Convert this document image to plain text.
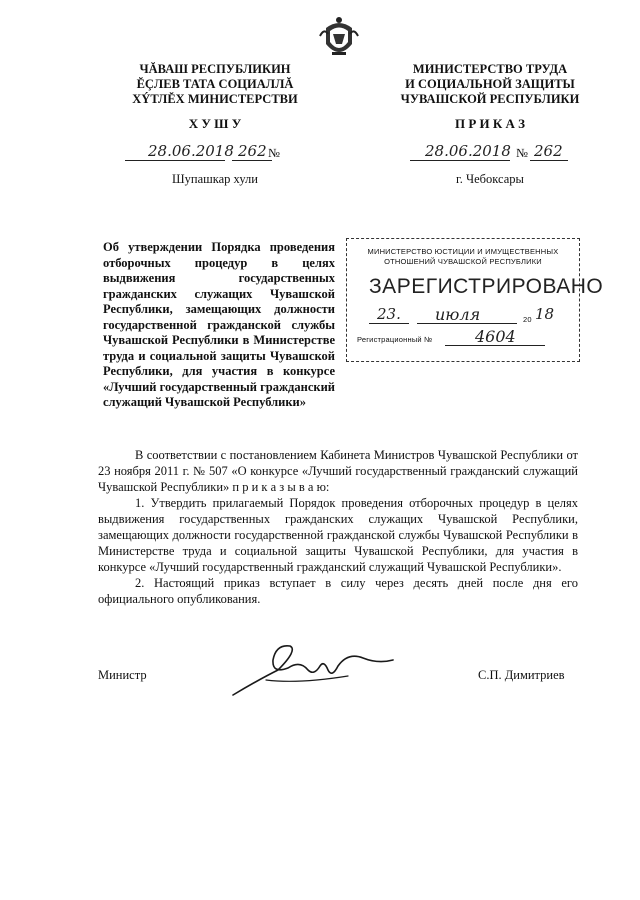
ЧĂВАШ РЕСПУБЛИКИН
ĔÇЛЕВ ТАТА СОЦИАЛЛĂ
ХÝТЛĔХ МИНИСТЕРСТВИ
Х У Ш У
28.06.2018 262 №
Шупашкар хули
МИНИСТЕРСТВО ТРУДА
И СОЦИАЛЬНОЙ ЗАЩИТЫ
ЧУВАШСКОЙ РЕСПУБЛИКИ
П Р И К А З
28.06.2018 № 262
г. Чебоксары

Об утверждении Порядка проведения отборочных процедур в целях выдвижения государственных гражданских служащих Чувашской Республики, замещающих должности государственной гражданской службы Чувашской Республики в Министерстве труда и социальной защиты Чувашской Республики, для участия в конкурсе «Лучший государственный гражданский служащий Чувашской Республики»

МИНИСТЕРСТВО ЮСТИЦИИ И ИМУЩЕСТВЕННЫХ
ОТНОШЕНИЙ ЧУВАШСКОЙ РЕСПУБЛИКИ
ЗАРЕГИСТРИРОВАНО
23. июля	20 18
Регистрационный №	4604
В соответствии с постановлением Кабинета Министров Чувашской Республики от 23 ноября 2011 г. № 507 «О конкурсе «Лучший государственный гражданский служащий Чувашской Республики» п р и к а з ы в а ю:
1. Утвердить прилагаемый Порядок проведения отборочных процедур в целях выдвижения государственных гражданских служащих Чувашской Республики, замещающих должности государственной гражданской службы Чувашской Республики в Министерстве труда и социальной защиты Чувашской Республики, для участия в конкурсе «Лучший государственный гражданский служащий Чувашской Республики».
2. Настоящий приказ вступает в силу через десять дней после дня его официального опубликования.
Министр	С.П. Димитриев
